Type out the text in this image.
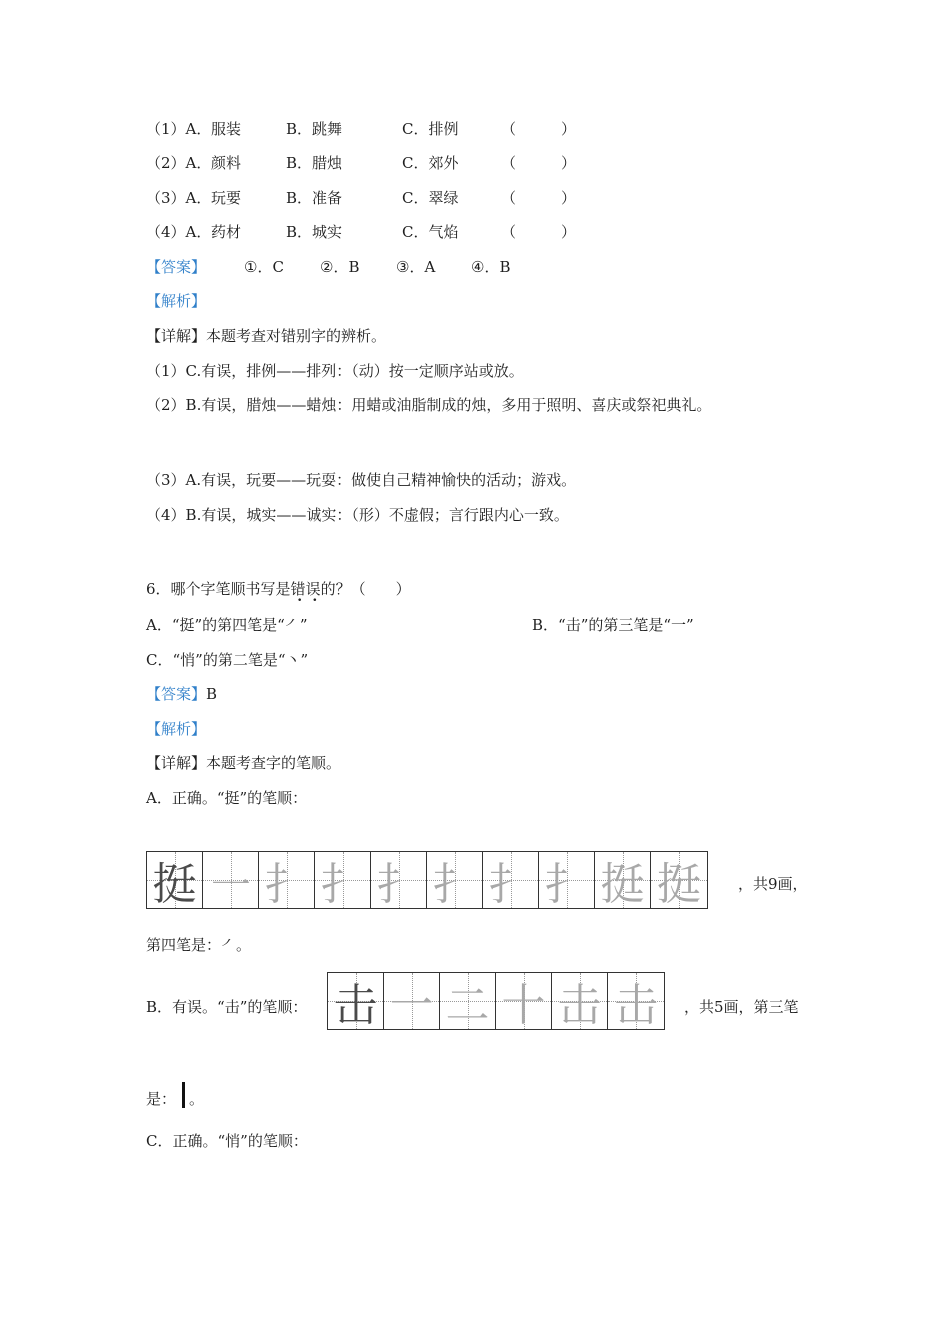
（1）A． 服装	B．跳舞	C．排例	（　　　）
（2）A． 颜料	B．腊烛	C．郊外	（　　　）
（3）A． 玩要	B．准备	C．翠绿	（　　　）
（4）A． 药材	B．城实	C．气焰	（　　　）
【答案】	①．C ②．B ③．A ④．B
【解析】
【详解】本题考查对错别字的辨析。
（1）C.有误，排例——排列：（动）按一定顺序站或放。
（2）B.有误，腊烛——蜡烛：用蜡或油脂制成的烛，多用于照明、喜庆或祭祀典礼。
（3）A.有误，玩要——玩耍：做使自己精神愉快的活动；游戏。
（4）B.有误，城实——诚实：（形）不虚假；言行跟内心一致。
6．哪个字笔顺书写是错误的？（　　）
A．“挺”的第四笔是“㇒”	B．“击”的第三笔是“一”
C．“悄”的第二笔是“丶”
【答案】B
【解析】
【详解】本题考查字的笔顺。
A．正确。“挺”的笔顺：
挺 ㇐ 扌 扌 扌 扌 扌 扌 挺 挺 ，共9画，
第四笔是：㇒。
B．有误。“击”的笔顺： 击 一 二 十 击 击 ，共5画，第三笔
是： 。
C．正确。“悄”的笔顺：
